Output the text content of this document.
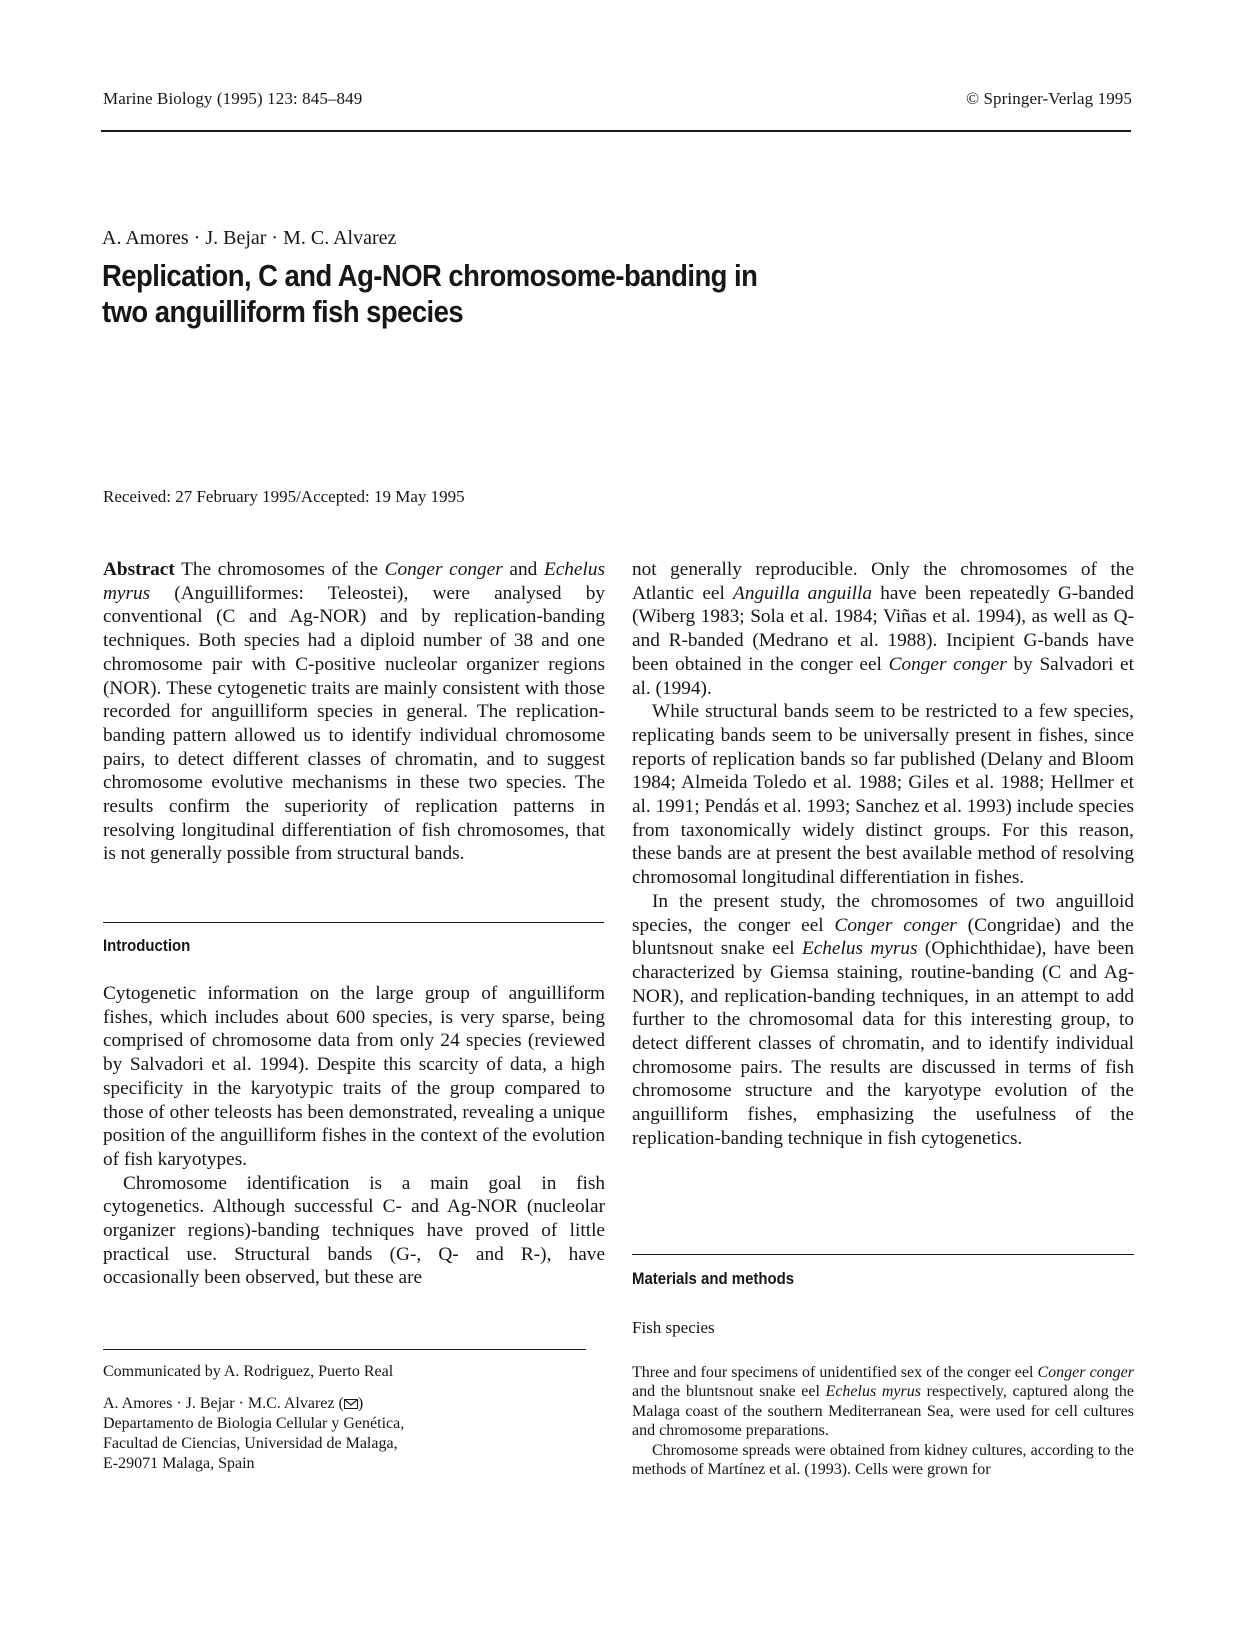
Marine Biology (1995) 123: 845–849	© Springer-Verlag 1995
A. Amores · J. Bejar · M. C. Alvarez
Replication, C and Ag-NOR chromosome-banding in
two anguilliform fish species
Received: 27 February 1995/Accepted: 19 May 1995

Abstract The chromosomes of the Conger conger and Echelus myrus (Anguilliformes: Teleostei), were analysed by conventional (C and Ag-NOR) and by replication-banding techniques. Both species had a diploid number of 38 and one chromosome pair with C-positive nucleolar organizer regions (NOR). These cytogenetic traits are mainly consistent with those recorded for anguilliform species in general. The replication-banding pattern allowed us to identify individual chromosome pairs, to detect different classes of chromatin, and to suggest chromosome evolutive mechanisms in these two species. The results confirm the superiority of replication patterns in resolving longitudinal differentiation of fish chromosomes, that is not generally possible from structural bands.

Introduction

Cytogenetic information on the large group of anguilliform fishes, which includes about 600 species, is very sparse, being comprised of chromosome data from only 24 species (reviewed by Salvadori et al. 1994). Despite this scarcity of data, a high specificity in the karyotypic traits of the group compared to those of other teleosts has been demonstrated, revealing a unique position of the anguilliform fishes in the context of the evolution of fish karyotypes.

Chromosome identification is a main goal in fish cytogenetics. Although successful C- and Ag-NOR (nucleolar organizer regions)-banding techniques have proved of little practical use. Structural bands (G-, Q- and R-), have occasionally been observed, but these are

Communicated by A. Rodriguez, Puerto Real
A. Amores · J. Bejar · M.C. Alvarez ( )
Departamento de Biologia Cellular y Genética,
Facultad de Ciencias, Universidad de Malaga,
E-29071 Malaga, Spain

not generally reproducible. Only the chromosomes of the Atlantic eel Anguilla anguilla have been repeatedly G-banded (Wiberg 1983; Sola et al. 1984; Viñas et al. 1994), as well as Q- and R-banded (Medrano et al. 1988). Incipient G-bands have been obtained in the conger eel Conger conger by Salvadori et al. (1994).

While structural bands seem to be restricted to a few species, replicating bands seem to be universally present in fishes, since reports of replication bands so far published (Delany and Bloom 1984; Almeida Toledo et al. 1988; Giles et al. 1988; Hellmer et al. 1991; Pendás et al. 1993; Sanchez et al. 1993) include species from taxonomically widely distinct groups. For this reason, these bands are at present the best available method of resolving chromosomal longitudinal differentiation in fishes.

In the present study, the chromosomes of two anguilloid species, the conger eel Conger conger (Congridae) and the bluntsnout snake eel Echelus myrus (Ophichthidae), have been characterized by Giemsa staining, routine-banding (C and Ag-NOR), and replication-banding techniques, in an attempt to add further to the chromosomal data for this interesting group, to detect different classes of chromatin, and to identify individual chromosome pairs. The results are discussed in terms of fish chromosome structure and the karyotype evolution of the anguilliform fishes, emphasizing the usefulness of the replication-banding technique in fish cytogenetics.

Materials and methods
Fish species

Three and four specimens of unidentified sex of the conger eel Conger conger and the bluntsnout snake eel Echelus myrus respectively, captured along the Malaga coast of the southern Mediterranean Sea, were used for cell cultures and chromosome preparations.

Chromosome spreads were obtained from kidney cultures, according to the methods of Martínez et al. (1993). Cells were grown for
